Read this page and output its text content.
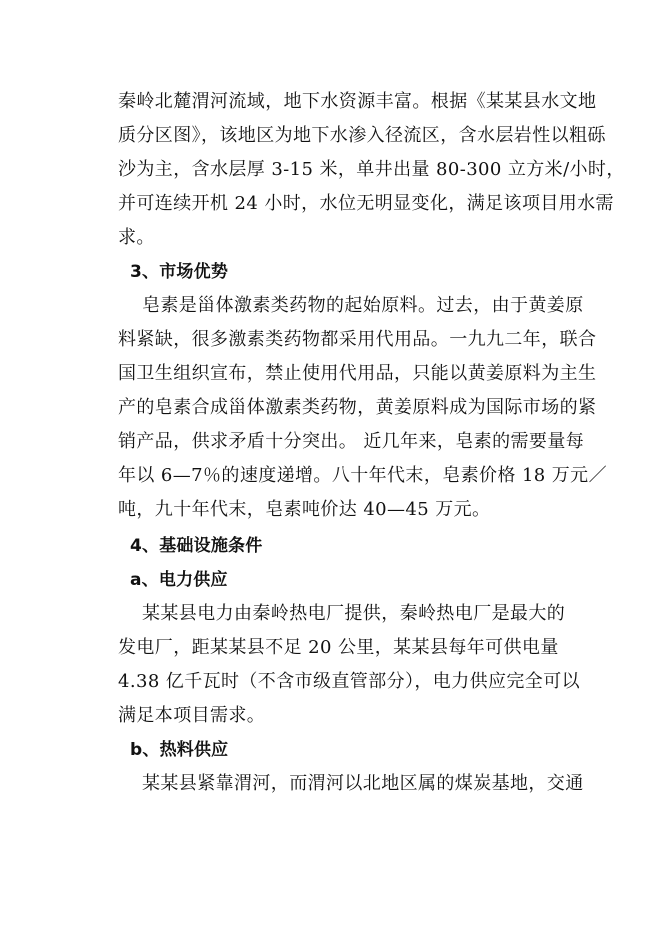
秦岭北麓渭河流域，地下水资源丰富。根据《某某县水文地
质分区图》，该地区为地下水渗入径流区，含水层岩性以粗砾
沙为主，含水层厚 3-15 米，单井出量 80-300 立方米/小时，
并可连续开机 24 小时，水位无明显变化，满足该项目用水需
求。
3、市场优势
皂素是甾体激素类药物的起始原料。过去，由于黄姜原
料紧缺，很多激素类药物都采用代用品。一九九二年，联合
国卫生组织宣布，禁止使用代用品，只能以黄姜原料为主生
产的皂素合成甾体激素类药物，黄姜原料成为国际市场的紧
销产品，供求矛盾十分突出。 近几年来，皂素的需要量每
年以 6—7％的速度递增。八十年代末，皂素价格 18 万元／
吨，九十年代末，皂素吨价达 40—45 万元。
4、基础设施条件
a、电力供应
某某县电力由秦岭热电厂提供，秦岭热电厂是最大的
发电厂，距某某县不足 20 公里，某某县每年可供电量
4.38 亿千瓦时（不含市级直管部分），电力供应完全可以
满足本项目需求。
b、热料供应
某某县紧靠渭河，而渭河以北地区属的煤炭基地，交通
